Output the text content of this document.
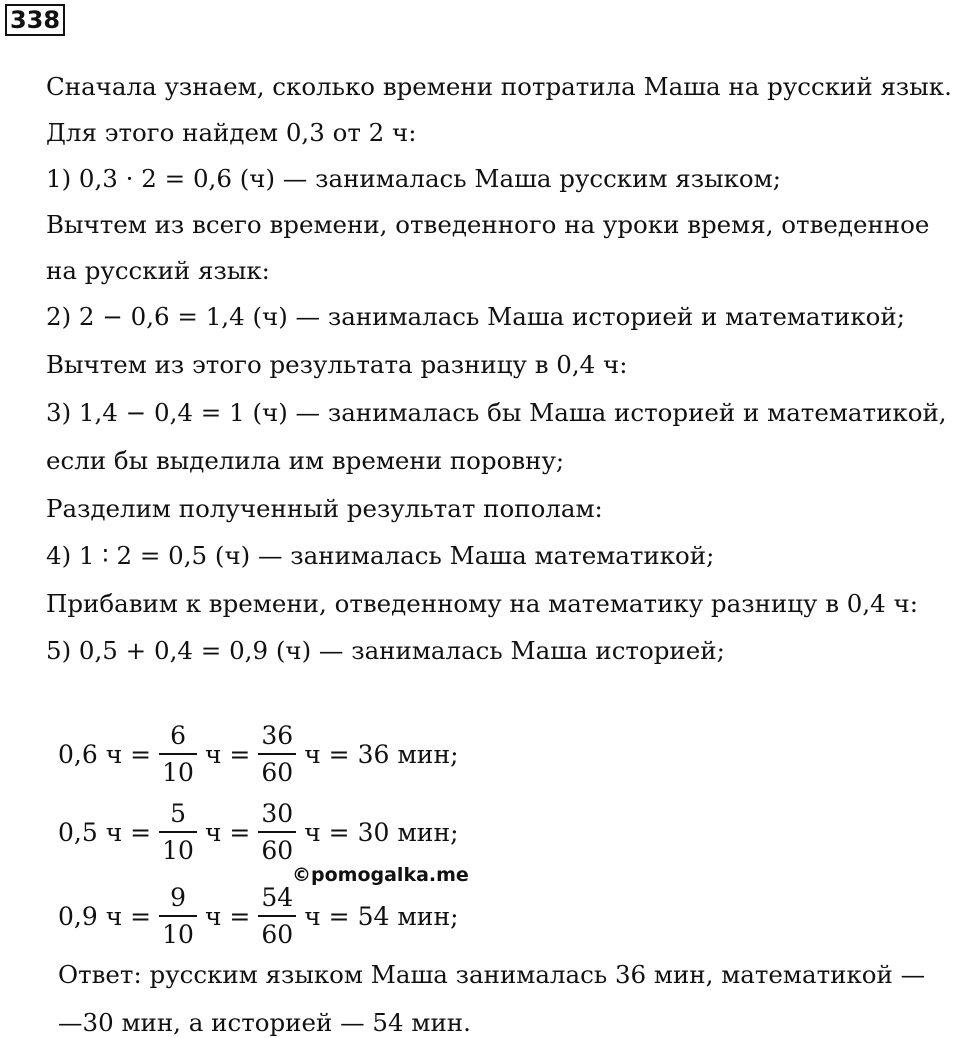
338
Сначала узнаем, сколько времени потратила Маша на русский язык.
Для этого найдем 0,3 от 2 ч:
1) 0,3 · 2 = 0,6 (ч) — занималась Маша русским языком;
Вычтем из всего времени, отведенного на уроки время, отведенное
на русский язык:
2) 2 − 0,6 = 1,4 (ч) — занималась Маша историей и математикой;
Вычтем из этого результата разницу в 0,4 ч:
3) 1,4 − 0,4 = 1 (ч) — занималась бы Маша историей и математикой,
если бы выделила им времени поровну;
Разделим полученный результат пополам:
4) 1 ∶ 2 = 0,5 (ч) — занималась Маша математикой;
Прибавим к времени, отведенному на математику разницу в 0,4 ч:
5) 0,5 + 0,4 = 0,9 (ч) — занималась Маша историей;
0,6 $ч = \frac{6}{10}$ $ч = \frac{36}{60}$ ч = 36 мин;
0,5 $ч = \frac{5}{10}$ $ч = \frac{30}{60}$ ч = 30 мин;
©pomogalka.me
0,9 $ч = \frac{9}{10}$ $ч = \frac{54}{60}$ ч = 54 мин;
Ответ: русским языком Маша занималась 36 мин, математикой —
—30 мин, а историей — 54 мин.
